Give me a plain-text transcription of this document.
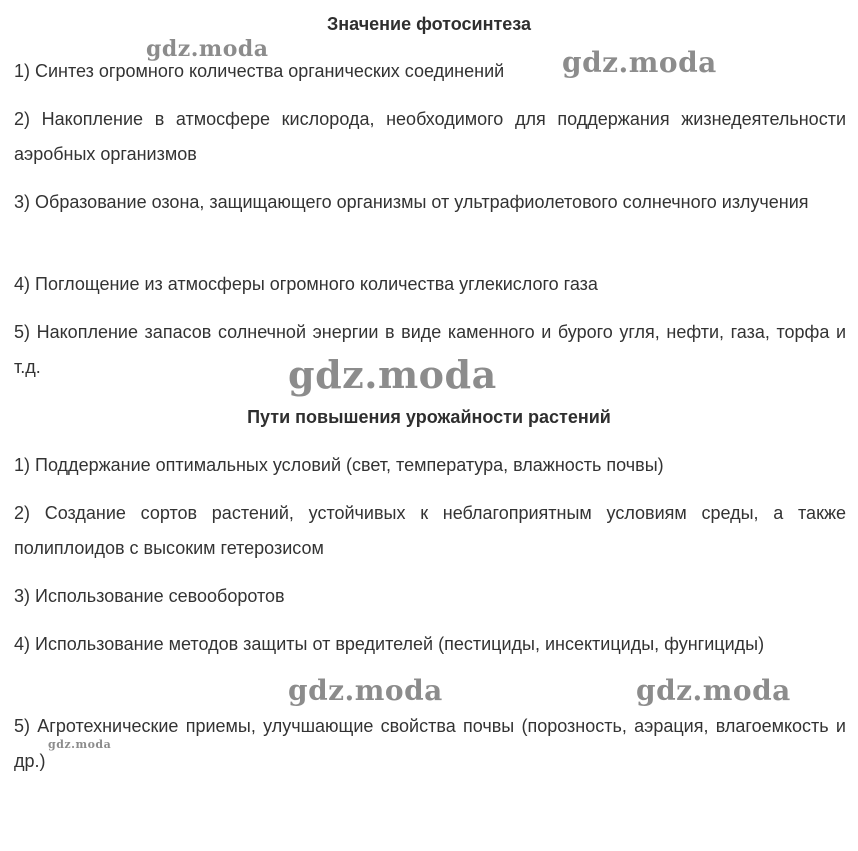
Значение фотосинтеза
1) Синтез огромного количества органических соединений
2) Накопление в атмосфере кислорода, необходимого для поддержания жизнедеятельности аэробных организмов
3) Образование озона, защищающего организмы от ультрафиолетового солнечного излучения
4) Поглощение из атмосферы огромного количества углекислого газа
5) Накопление запасов солнечной энергии в виде каменного и бурого угля, нефти, газа, торфа и т.д.
Пути повышения урожайности растений
1) Поддержание оптимальных условий (свет, температура, влажность почвы)
2) Создание сортов растений, устойчивых к неблагоприятным условиям среды, а также полиплоидов с высоким гетерозисом
3) Использование севооборотов
4) Использование методов защиты от вредителей (пестициды, инсектициды, фунгициды)
5) Агротехнические приемы, улучшающие свойства почвы (порозность, аэрация, влагоемкость и др.)
gdz.moda	gdz.moda
gdz.moda
gdz.moda	gdz.moda
gdz.moda
